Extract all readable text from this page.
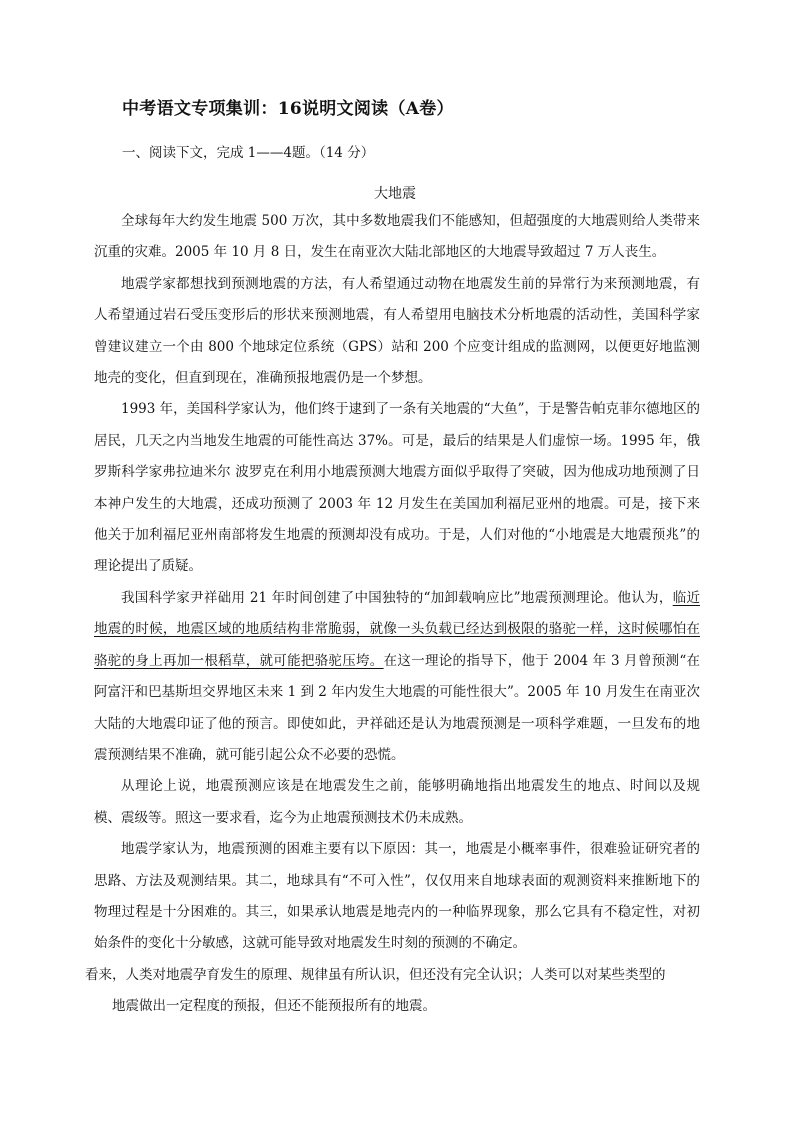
中考语文专项集训：16说明文阅读（A卷）
一、阅读下文，完成 1——4题。（14 分）
大地震

全球每年大约发生地震 500 万次，其中多数地震我们不能感知，但超强度的大地震则给人类带来沉重的灾难。2005 年 10 月 8 日，发生在南亚次大陆北部地区的大地震导致超过 7 万人丧生。

地震学家都想找到预测地震的方法，有人希望通过动物在地震发生前的异常行为来预测地震，有人希望通过岩石受压变形后的形状来预测地震，有人希望用电脑技术分析地震的活动性，美国科学家曾建议建立一个由 800 个地球定位系统（GPS）站和 200 个应变计组成的监测网，以便更好地监测地壳的变化，但直到现在，准确预报地震仍是一个梦想。

1993 年，美国科学家认为，他们终于逮到了一条有关地震的“大鱼”，于是警告帕克菲尔德地区的居民，几天之内当地发生地震的可能性高达 37%。可是，最后的结果是人们虚惊一场。1995 年，俄罗斯科学家弗拉迪米尔 波罗克在利用小地震预测大地震方面似乎取得了突破，因为他成功地预测了日本神户发生的大地震，还成功预测了 2003 年 12 月发生在美国加利福尼亚州的地震。可是，接下来他关于加利福尼亚州南部将发生地震的预测却没有成功。于是，人们对他的“小地震是大地震预兆”的理论提出了质疑。

我国科学家尹祥础用 21 年时间创建了中国独特的“加卸载响应比”地震预测理论。他认为，临近地震的时候，地震区域的地质结构非常脆弱，就像一头负载已经达到极限的骆驼一样，这时候哪怕在骆驼的身上再加一根稻草，就可能把骆驼压垮。在这一理论的指导下，他于 2004 年 3 月曾预测“在阿富汗和巴基斯坦交界地区未来 1 到 2 年内发生大地震的可能性很大”。2005 年 10 月发生在南亚次大陆的大地震印证了他的预言。即使如此，尹祥础还是认为地震预测是一项科学难题，一旦发布的地震预测结果不准确，就可能引起公众不必要的恐慌。

从理论上说，地震预测应该是在地震发生之前，能够明确地指出地震发生的地点、时间以及规模、震级等。照这一要求看，迄今为止地震预测技术仍未成熟。

地震学家认为，地震预测的困难主要有以下原因：其一，地震是小概率事件，很难验证研究者的思路、方法及观测结果。其二，地球具有“不可入性”，仅仅用来自地球表面的观测资料来推断地下的物理过程是十分困难的。其三，如果承认地震是地壳内的一种临界现象，那么它具有不稳定性，对初始条件的变化十分敏感，这就可能导致对地震发生时刻的预测的不确定。

看来，人类对地震孕育发生的原理、规律虽有所认识，但还没有完全认识；人类可以对某些类型的
地震做出一定程度的预报，但还不能预报所有的地震。
